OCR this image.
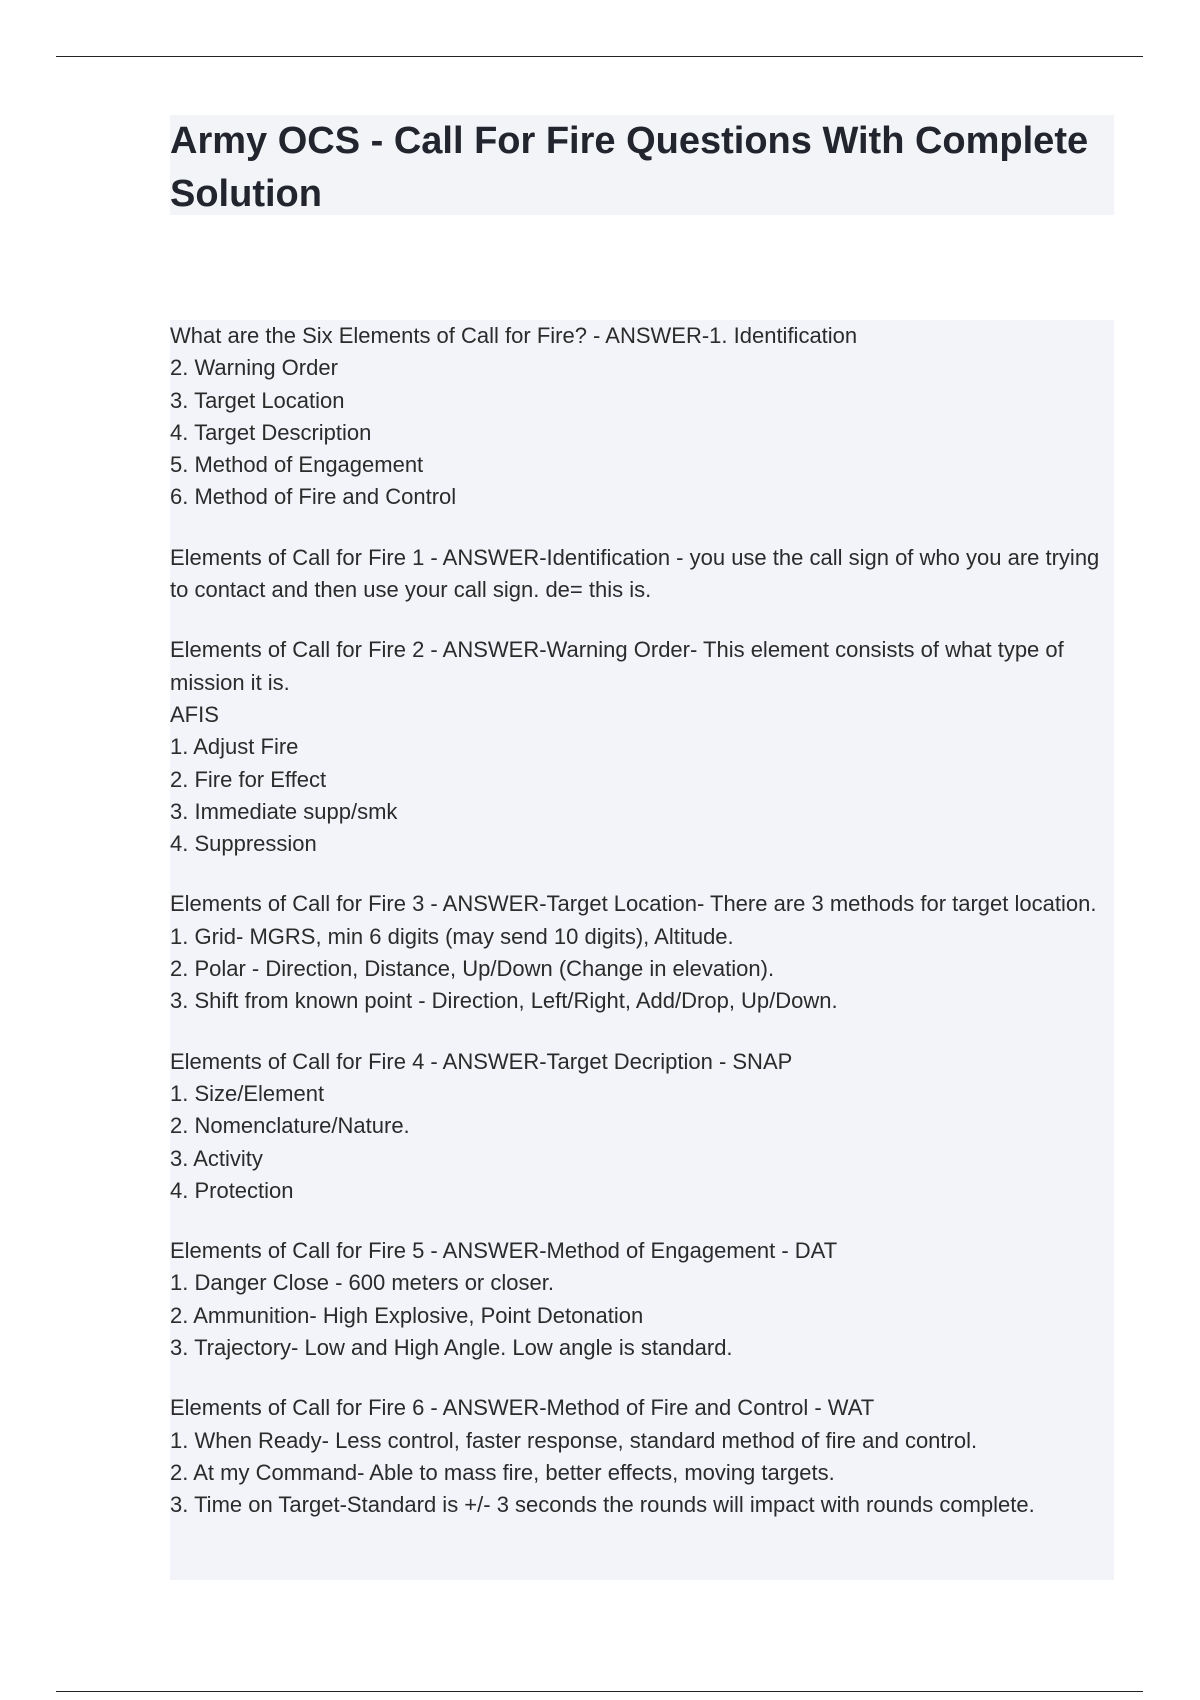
Army OCS - Call For Fire Questions With Complete Solution

What are the Six Elements of Call for Fire? - ANSWER-1. Identification
2. Warning Order
3. Target Location
4. Target Description
5. Method of Engagement
6. Method of Fire and Control

Elements of Call for Fire 1 - ANSWER-Identification - you use the call sign of who you are trying to contact and then use your call sign. de= this is.

Elements of Call for Fire 2 - ANSWER-Warning Order- This element consists of what type of mission it is.
AFIS
1. Adjust Fire
2. Fire for Effect
3. Immediate supp/smk
4. Suppression

Elements of Call for Fire 3 - ANSWER-Target Location- There are 3 methods for target location.
1. Grid- MGRS, min 6 digits (may send 10 digits), Altitude.
2. Polar - Direction, Distance, Up/Down (Change in elevation).
3. Shift from known point - Direction, Left/Right, Add/Drop, Up/Down.

Elements of Call for Fire 4 - ANSWER-Target Decription - SNAP
1. Size/Element
2. Nomenclature/Nature.
3. Activity
4. Protection

Elements of Call for Fire 5 - ANSWER-Method of Engagement - DAT
1. Danger Close - 600 meters or closer.
2. Ammunition- High Explosive, Point Detonation
3. Trajectory- Low and High Angle. Low angle is standard.

Elements of Call for Fire 6 - ANSWER-Method of Fire and Control - WAT
1. When Ready- Less control, faster response, standard method of fire and control.
2. At my Command- Able to mass fire, better effects, moving targets.
3. Time on Target-Standard is +/- 3 seconds the rounds will impact with rounds complete.
